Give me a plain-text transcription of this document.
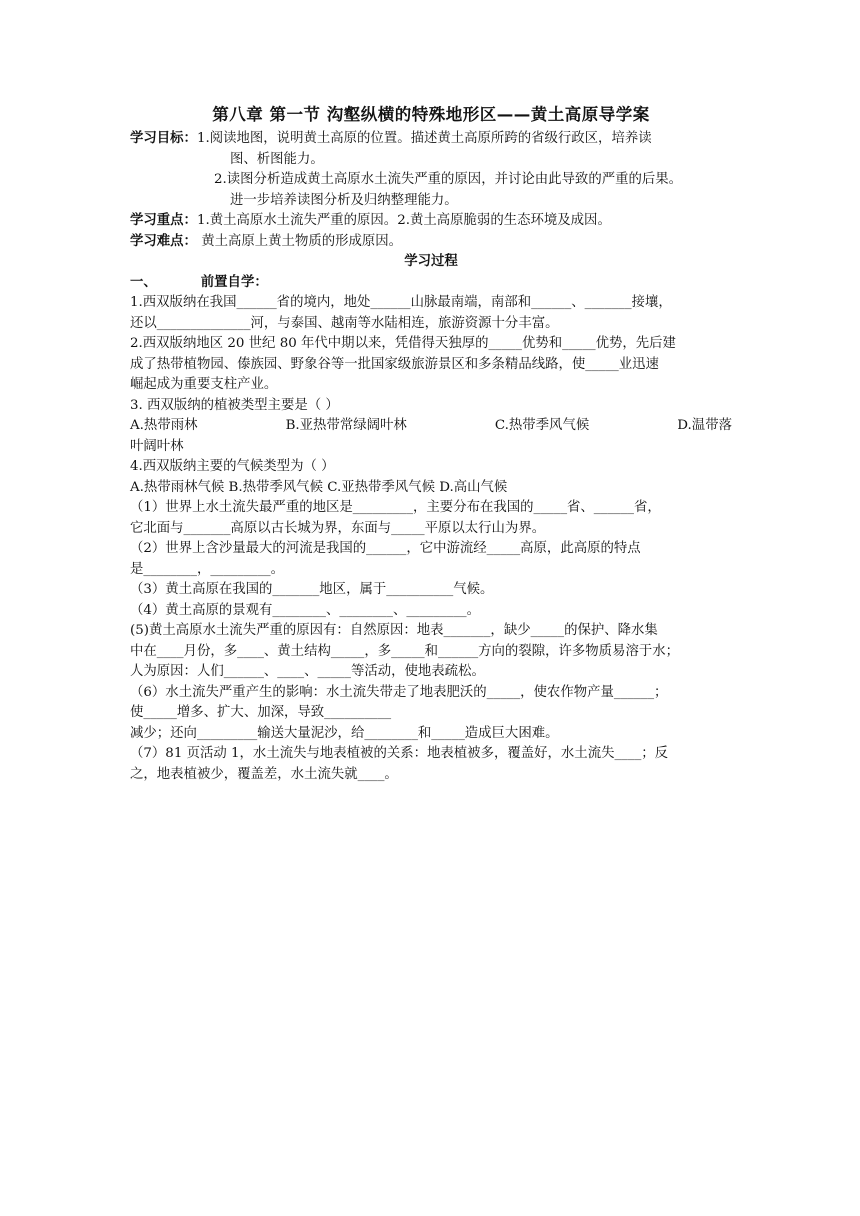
第八章 第一节 沟壑纵横的特殊地形区——黄土高原导学案

学习目标：1.阅读地图，说明黄土高原的位置。描述黄土高原所跨的省级行政区，培养读

图、析图能力。

2.读图分析造成黄土高原水土流失严重的原因，并讨论由此导致的严重的后果。

进一步培养读图分析及归纳整理能力。

学习重点：1.黄土高原水土流失严重的原因。2.黄土高原脆弱的生态环境及成因。

学习难点： 黄土高原上黄土物质的形成原因。

学习过程

一、	前置自学：

1.西双版纳在我国______省的境内，地处______山脉最南端，南部和______、_______接壤，

还以______________河，与泰国、越南等水陆相连，旅游资源十分丰富。

2.西双版纳地区 20 世纪 80 年代中期以来，凭借得天独厚的_____优势和_____优势，先后建

成了热带植物园、傣族园、野象谷等一批国家级旅游景区和多条精品线路，使_____业迅速

崛起成为重要支柱产业。

3. 西双版纳的植被类型主要是（ ）

A.热带雨林	B.亚热带常绿阔叶林	C.热带季风气候	D.温带落

叶阔叶林

4.西双版纳主要的气候类型为（ ）

A.热带雨林气候 B.热带季风气候 C.亚热带季风气候 D.高山气候

（1）世界上水土流失最严重的地区是_________，主要分布在我国的_____省、______省，

它北面与_______高原以古长城为界，东面与_____平原以太行山为界。

（2）世界上含沙量最大的河流是我国的______，它中游流经_____高原，此高原的特点

是________，_________。

（3）黄土高原在我国的_______地区，属于__________气候。

（4）黄土高原的景观有________、________、_________。

(5)黄土高原水土流失严重的原因有：自然原因：地表_______，缺少_____的保护、降水集

中在____月份，多____、黄土结构_____，多_____和______方向的裂隙，许多物质易溶于水；

人为原因：人们______、____、_____等活动，使地表疏松。

（6）水土流失严重产生的影响：水土流失带走了地表肥沃的_____，使农作物产量______；

使_____增多、扩大、加深，导致__________

减少；还向_________输送大量泥沙，给________和_____造成巨大困难。

（7）81 页活动 1，水土流失与地表植被的关系：地表植被多，覆盖好，水土流失____；反

之，地表植被少，覆盖差，水土流失就____。
